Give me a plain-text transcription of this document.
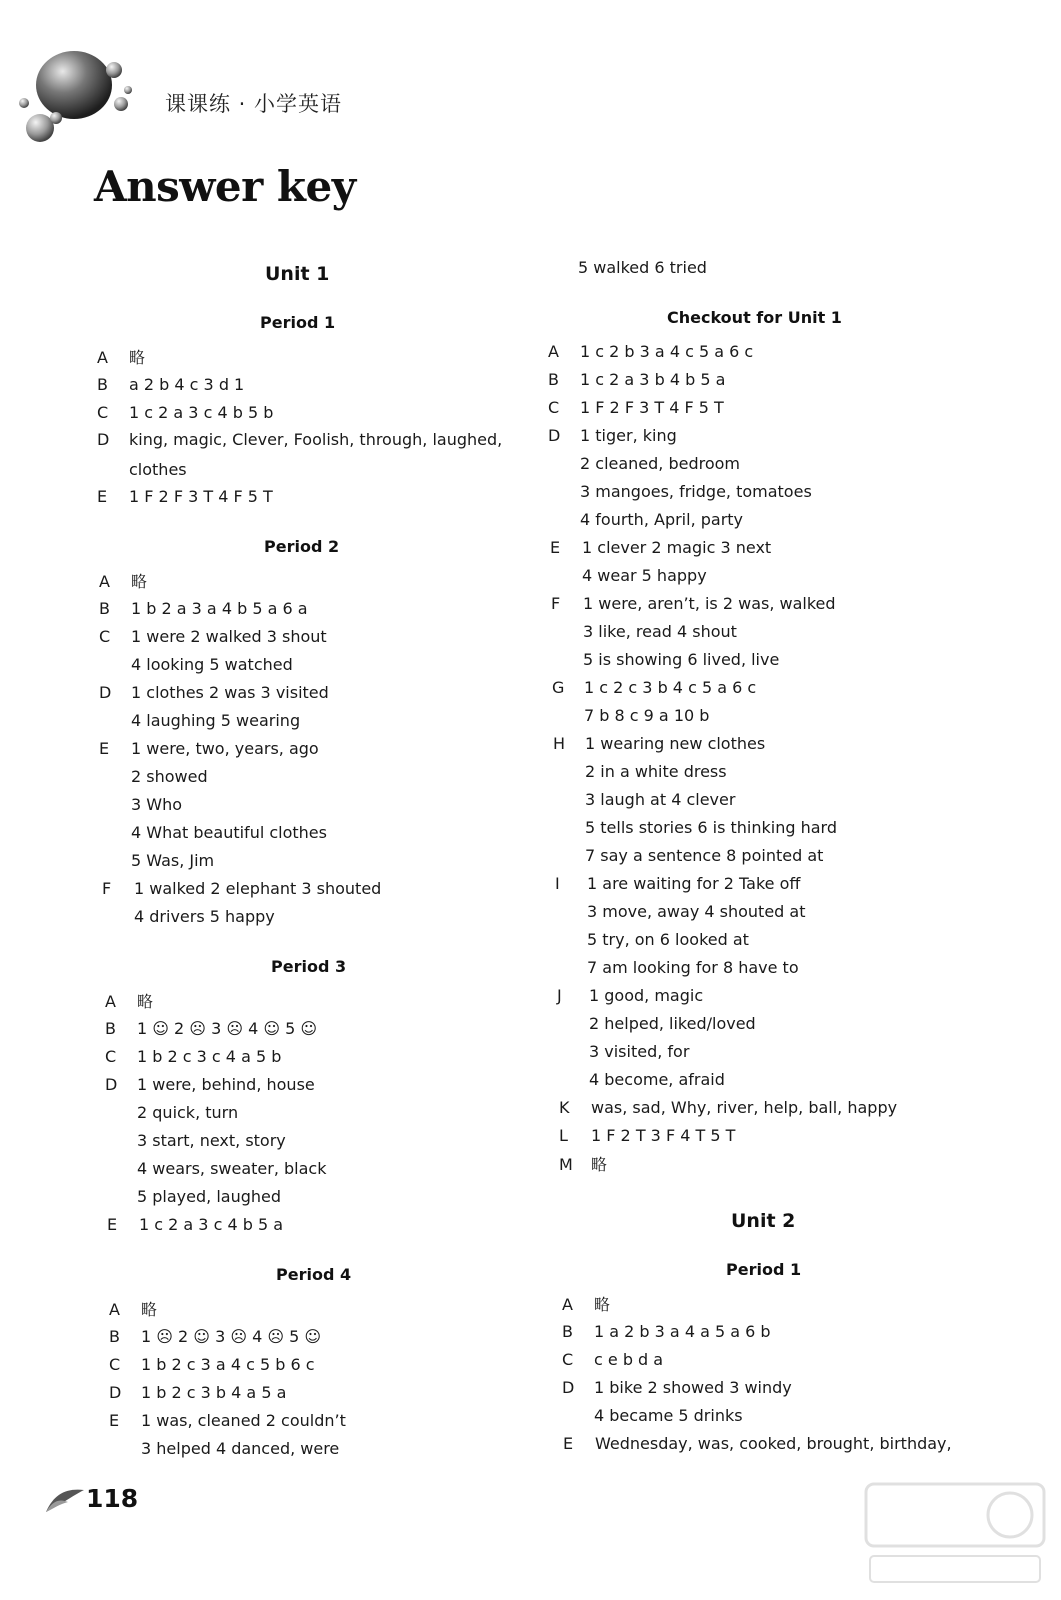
课课练 · 小学英语
Answer key
Unit 1
Period 1
A 略
B a 2 b 4 c 3 d 1
C 1 c 2 a 3 c 4 b 5 b
D king, magic, Clever, Foolish, through, laughed,
clothes
E 1 F 2 F 3 T 4 F 5 T
Period 2
A 略
B 1 b 2 a 3 a 4 b 5 a 6 a
C 1 were 2 walked 3 shout
4 looking 5 watched
D 1 clothes 2 was 3 visited
4 laughing 5 wearing
E 1 were, two, years, ago
2 showed
3 Who
4 What beautiful clothes
5 Was, Jim
F 1 walked 2 elephant 3 shouted
4 drivers 5 happy
Period 3
A 略
B 1 ☺ 2 ☹ 3 ☹ 4 ☺ 5 ☺
C 1 b 2 c 3 c 4 a 5 b
D 1 were, behind, house
2 quick, turn
3 start, next, story
4 wears, sweater, black
5 played, laughed
E 1 c 2 a 3 c 4 b 5 a
Period 4
A 略
B 1 ☹ 2 ☺ 3 ☹ 4 ☹ 5 ☺
C 1 b 2 c 3 a 4 c 5 b 6 c
D 1 b 2 c 3 b 4 a 5 a
E 1 was, cleaned 2 couldn’t
3 helped 4 danced, were
5 walked 6 tried
Checkout for Unit 1
A 1 c 2 b 3 a 4 c 5 a 6 c
B 1 c 2 a 3 b 4 b 5 a
C 1 F 2 F 3 T 4 F 5 T
D 1 tiger, king
2 cleaned, bedroom
3 mangoes, fridge, tomatoes
4 fourth, April, party
E 1 clever 2 magic 3 next
4 wear 5 happy
F 1 were, aren’t, is 2 was, walked
3 like, read 4 shout
5 is showing 6 lived, live
G 1 c 2 c 3 b 4 c 5 a 6 c
7 b 8 c 9 a 10 b
H 1 wearing new clothes
2 in a white dress
3 laugh at 4 clever
5 tells stories 6 is thinking hard
7 say a sentence 8 pointed at
I 1 are waiting for 2 Take off
3 move, away 4 shouted at
5 try, on 6 looked at
7 am looking for 8 have to
J 1 good, magic
2 helped, liked/loved
3 visited, for
4 become, afraid
K was, sad, Why, river, help, ball, happy
L 1 F 2 T 3 F 4 T 5 T
M 略
Unit 2
Period 1
A 略
B 1 a 2 b 3 a 4 a 5 a 6 b
C c e b d a
D 1 bike 2 showed 3 windy
4 became 5 drinks
E Wednesday, was, cooked, brought, birthday,
118
